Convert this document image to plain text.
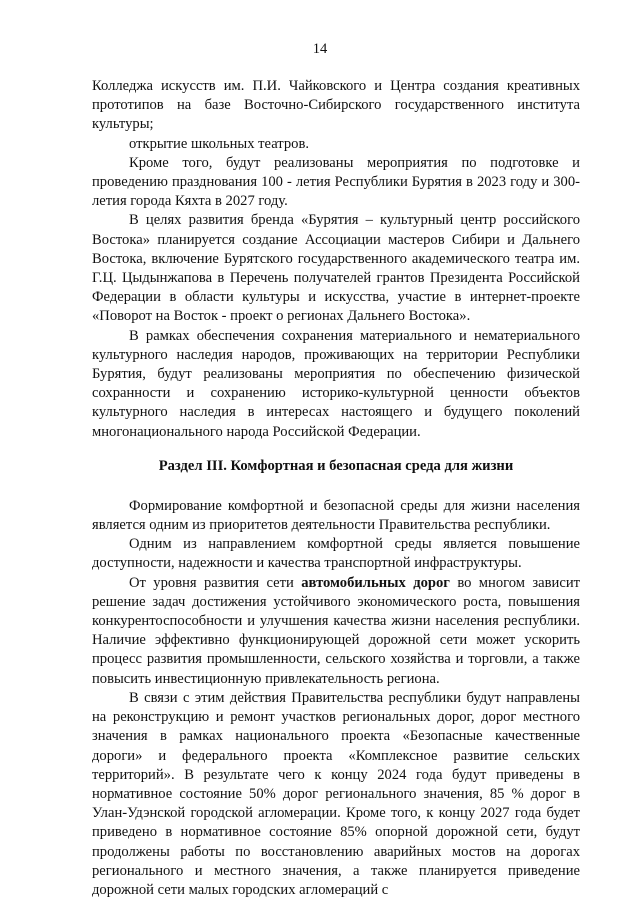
14

Колледжа искусств им. П.И. Чайковского и Центра создания креативных прототипов на базе Восточно-Сибирского государственного института культуры;

открытие школьных театров.

Кроме того, будут реализованы мероприятия по подготовке и проведению празднования 100 - летия Республики Бурятия в 2023 году и 300-летия города Кяхта в 2027 году.

В целях развития бренда «Бурятия – культурный центр российского Востока» планируется создание Ассоциации мастеров Сибири и Дальнего Востока, включение Бурятского государственного академического театра им. Г.Ц. Цыдынжапова в Перечень получателей грантов Президента Российской Федерации в области культуры и искусства, участие в интернет-проекте «Поворот на Восток - проект о регионах Дальнего Востока».

В рамках обеспечения сохранения материального и нематериального культурного наследия народов, проживающих на территории Республики Бурятия, будут реализованы мероприятия по обеспечению физической сохранности и сохранению историко-культурной ценности объектов культурного наследия в интересах настоящего и будущего поколений многонационального народа Российской Федерации.

Раздел III. Комфортная и безопасная среда для жизни

Формирование комфортной и безопасной среды для жизни населения является одним из приоритетов деятельности Правительства республики.

Одним из направлением комфортной среды является повышение доступности, надежности и качества транспортной инфраструктуры.

От уровня развития сети автомобильных дорог во многом зависит решение задач достижения устойчивого экономического роста, повышения конкурентоспособности и улучшения качества жизни населения республики. Наличие эффективно функционирующей дорожной сети может ускорить процесс развития промышленности, сельского хозяйства и торговли, а также повысить инвестиционную привлекательность региона.

В связи с этим действия Правительства республики будут направлены на реконструкцию и ремонт участков региональных дорог, дорог местного значения в рамках национального проекта «Безопасные качественные дороги» и федерального проекта «Комплексное развитие сельских территорий». В результате чего к концу 2024 года будут приведены в нормативное состояние 50% дорог регионального значения, 85 % дорог в Улан-Удэнской городской агломерации. Кроме того, к концу 2027 года будет приведено в нормативное состояние 85% опорной дорожной сети, будут продолжены работы по восстановлению аварийных мостов на дорогах регионального и местного значения, а также планируется приведение дорожной сети малых городских агломераций с
